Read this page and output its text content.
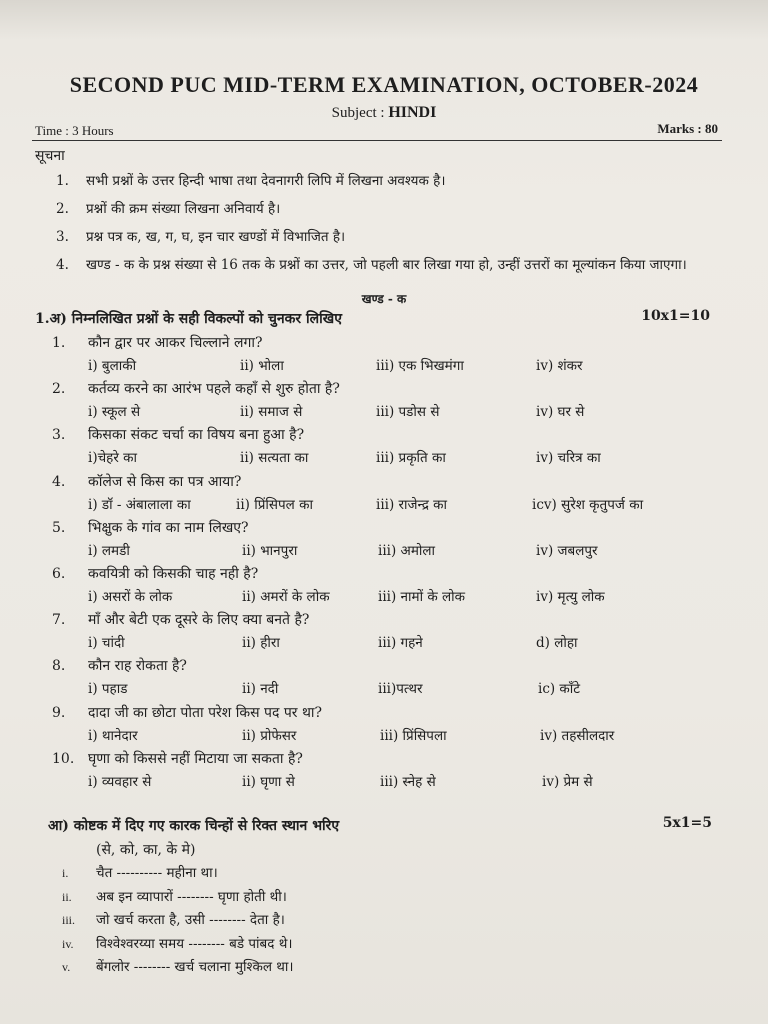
SECOND PUC MID-TERM EXAMINATION, OCTOBER-2024
Subject : HINDI
Time : 3 Hours	Marks : 80
सूचना
1.	सभी प्रश्नों के उत्तर हिन्दी भाषा तथा देवनागरी लिपि में लिखना अवश्यक है।
2.	प्रश्नों की क्रम संख्या लिखना अनिवार्य है।
3.	प्रश्न पत्र क, ख, ग, घ, इन चार खण्डों में विभाजित है।
4.	खण्ड - क के प्रश्न संख्या से 16 तक के प्रश्नों का उत्तर, जो पहली बार लिखा गया हो, उन्हीं उत्तरों का मूल्यांकन किया जाएगा।
खण्ड - क
1.अ) निम्नलिखित प्रश्नों के सही विकल्पों को चुनकर लिखिए	10x1=10
1.	कौन द्वार पर आकर चिल्लाने लगा?
i) बुलाकी	ii) भोला	iii) एक भिखमंगा	iv) शंकर
2.	कर्तव्य करने का आरंभ पहले कहाँ से शुरु होता है?
i) स्कूल से	ii) समाज से	iii) पडोस से	iv) घर से
3.	किसका संकट चर्चा का विषय बना हुआ है?
i)चेहरे का	ii) सत्यता का	iii) प्रकृति का	iv) चरित्र का
4.	कॉलेज से किस का पत्र आया?
i) डॉ - अंबालाला का	ii) प्रिंसिपल का	iii) राजेन्द्र का	icv) सुरेश कृतुपर्ज का
5.	भिक्षुक के गांव का नाम लिखए?
i) लमडी	ii) भानपुरा	iii) अमोला	iv) जबलपुर
6.	कवयित्री को किसकी चाह नही है?
i) असरों के लोक	ii) अमरों के लोक	iii) नामों के लोक	iv) मृत्यु लोक
7.	माँ और बेटी एक दूसरे के लिए क्या बनते है?
i) चांदी	ii) हीरा	iii) गहने	d) लोहा
8.	कौन राह रोकता है?
i) पहाड	ii) नदी	iii)पत्थर	ic) काँटे
9.	दादा जी का छोटा पोता परेश किस पद पर था?
i) थानेदार	ii) प्रोफेसर	iii) प्रिंसिपला	iv) तहसीलदार
10. घृणा को किससे नहीं मिटाया जा सकता है?
i) व्यवहार से	ii) घृणा से	iii) स्नेह से	iv) प्रेम से
आ) कोष्टक में दिए गए कारक चिन्हों से रिक्त स्थान भरिए	5x1=5
(से, को, का, के मे)
i.	चैत ---------- महीना था।
ii.	अब इन व्यापारों -------- घृणा होती थी।
iii.	जो खर्च करता है, उसी -------- देता है।
iv.	विश्वेश्वरय्या समय -------- बडे पांबद थे।
v.	बेंगलोर -------- खर्च चलाना मुश्किल था।
